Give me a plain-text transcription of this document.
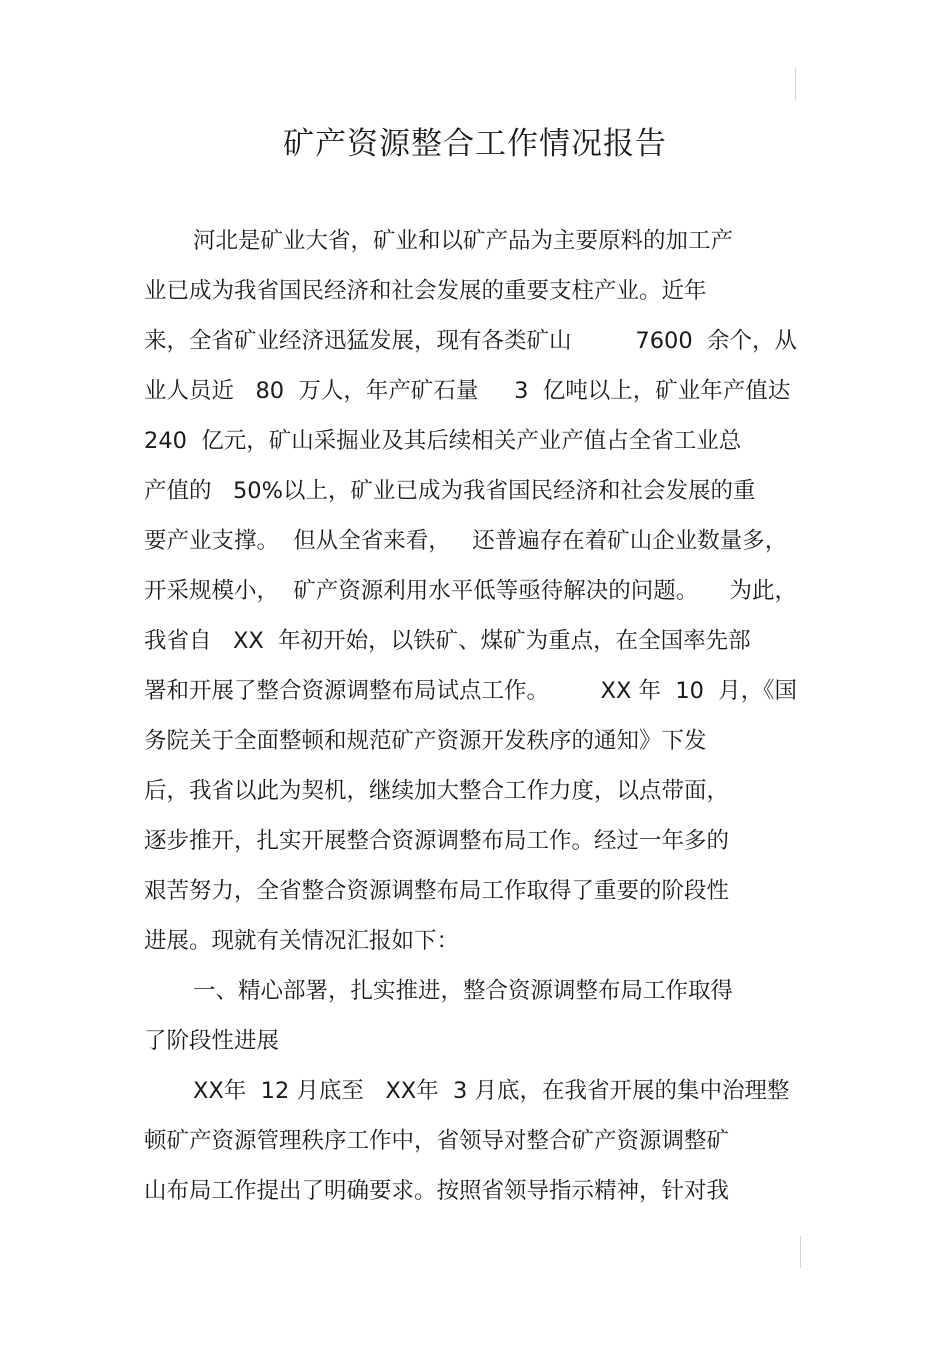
矿产资源整合工作情况报告
河北是矿业大省，矿业和以矿产品为主要原料的加工产
业已成为我省国民经济和社会发展的重要支柱产业。近年
来，全省矿业经济迅猛发展，现有各类矿山	7600  余个，从
业人员近   80  万人，年产矿石量     3  亿吨以上，矿业年产值达
240  亿元，矿山采掘业及其后续相关产业产值占全省工业总
产值的   50%以上，矿业已成为我省国民经济和社会发展的重
要产业支撑。  但从全省来看，   还普遍存在着矿山企业数量多，
开采规模小，  矿产资源利用水平低等亟待解决的问题。 为此，
我省自   XX  年初开始，以铁矿、煤矿为重点，在全国率先部
署和开展了整合资源调整布局试点工作。 XX 年  10  月，《国
务院关于全面整顿和规范矿产资源开发秩序的通知》下发
后，我省以此为契机，继续加大整合工作力度，以点带面，
逐步推开，扎实开展整合资源调整布局工作。经过一年多的
艰苦努力，全省整合资源调整布局工作取得了重要的阶段性
进展。现就有关情况汇报如下：
一、精心部署，扎实推进，整合资源调整布局工作取得
了阶段性进展
XX年  12 月底至   XX年  3 月底，在我省开展的集中治理整
顿矿产资源管理秩序工作中，省领导对整合矿产资源调整矿
山布局工作提出了明确要求。按照省领导指示精神，针对我
